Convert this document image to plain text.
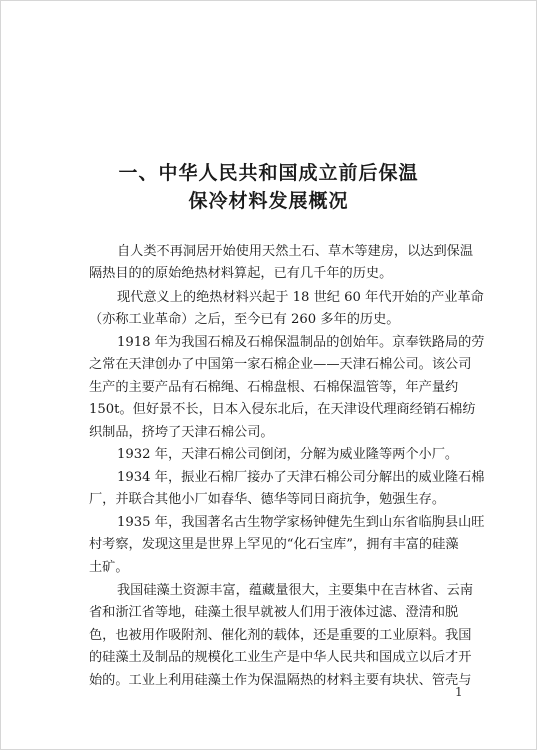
一、中华人民共和国成立前后保温
保冷材料发展概况
自人类不再洞居开始使用天然土石、草木等建房，以达到保温
隔热目的的原始绝热材料算起，已有几千年的历史。
现代意义上的绝热材料兴起于 18 世纪 60 年代开始的产业革命
（亦称工业革命）之后，至今已有 260 多年的历史。
1918 年为我国石棉及石棉保温制品的创始年。京奉铁路局的劳
之常在天津创办了中国第一家石棉企业——天津石棉公司。该公司
生产的主要产品有石棉绳、石棉盘根、石棉保温管等，年产量约
150t。但好景不长，日本入侵东北后，在天津设代理商经销石棉纺
织制品，挤垮了天津石棉公司。
1932 年，天津石棉公司倒闭，分解为威业隆等两个小厂。
1934 年，振业石棉厂接办了天津石棉公司分解出的威业隆石棉
厂，并联合其他小厂如春华、德华等同日商抗争，勉强生存。
1935 年，我国著名古生物学家杨钟健先生到山东省临朐县山旺
村考察，发现这里是世界上罕见的“化石宝库”，拥有丰富的硅藻
土矿。
我国硅藻土资源丰富，蕴藏量很大，主要集中在吉林省、云南
省和浙江省等地，硅藻土很早就被人们用于液体过滤、澄清和脱
色，也被用作吸附剂、催化剂的载体，还是重要的工业原料。我国
的硅藻土及制品的规模化工业生产是中华人民共和国成立以后才开
始的。工业上利用硅藻土作为保温隔热的材料主要有块状、管壳与
1
